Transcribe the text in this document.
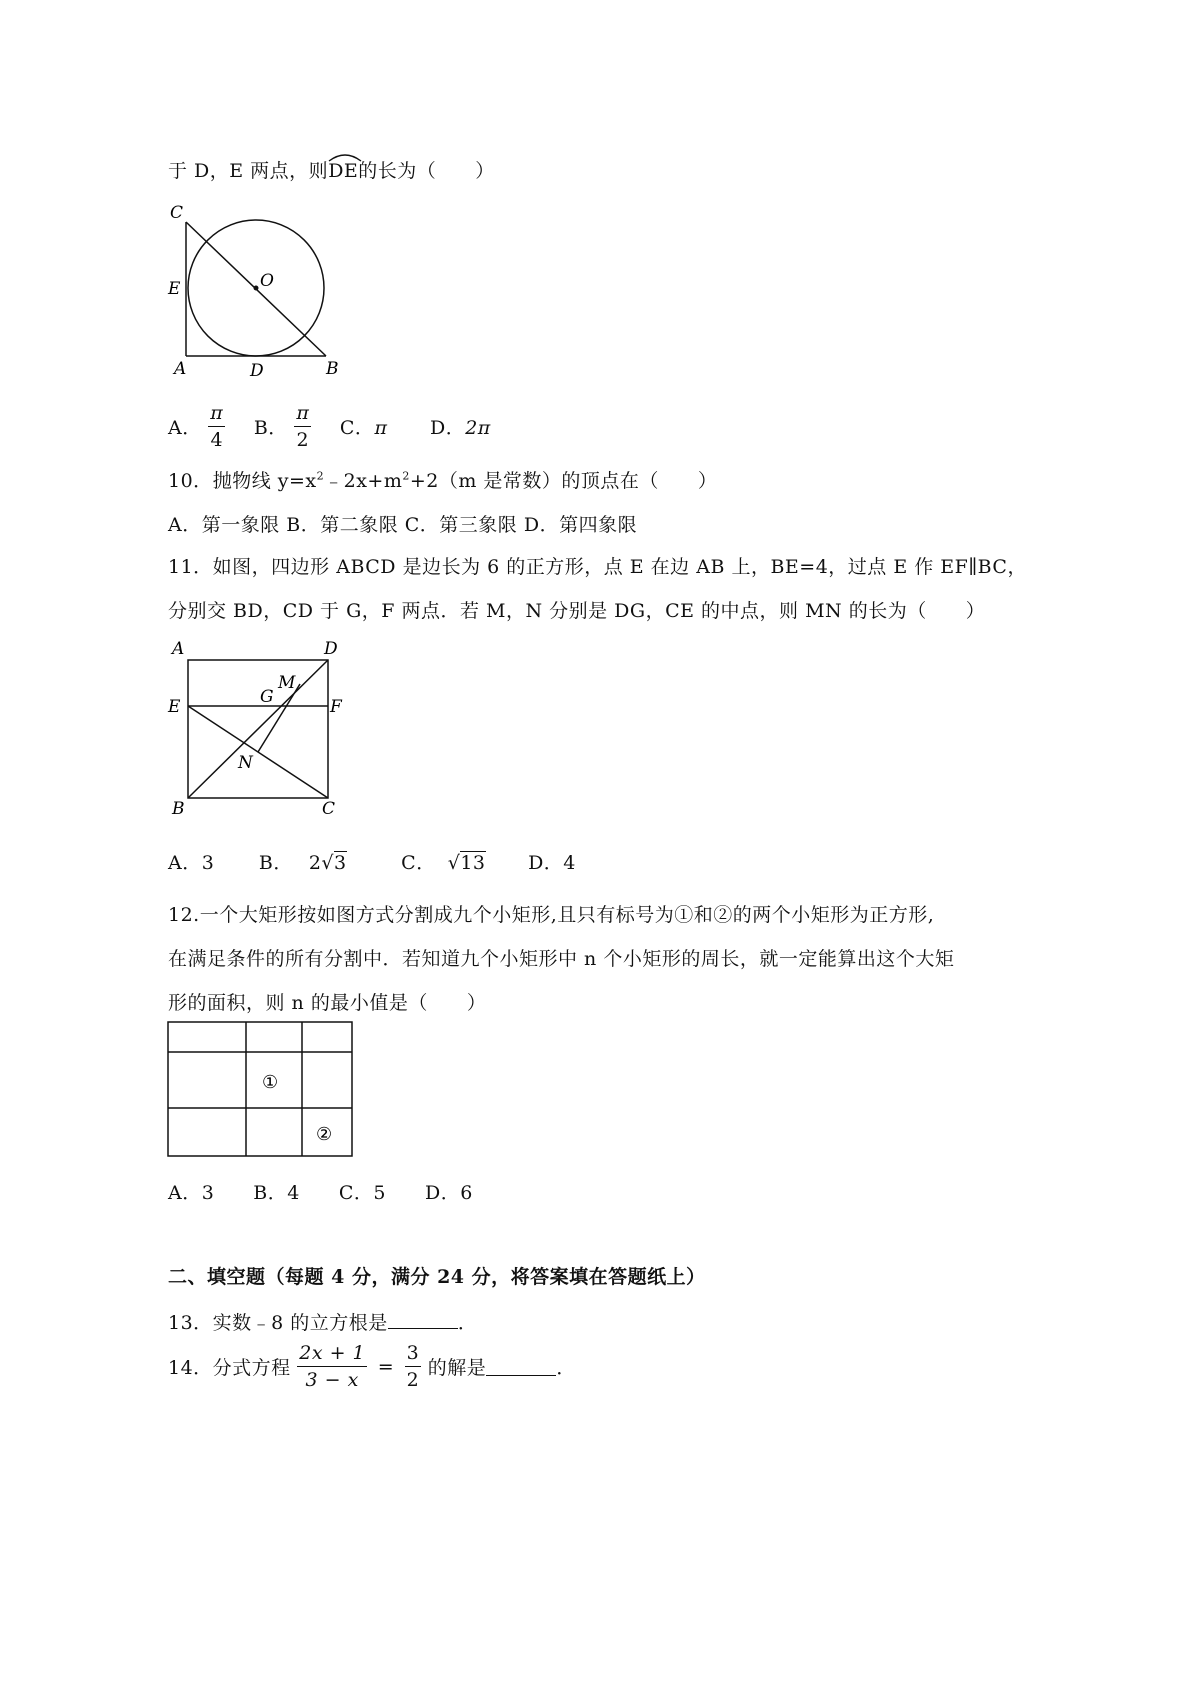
于 D，E 两点，则
DE的长为（　　）
C
E
A	D	B
O
A． $\frac{\pi}{4}$ B． $\frac{\pi}{2}$ C．π D．2π
10．抛物线 $y=x^2﹣2x+m^2+2(m$ 是常数）的顶点在（　　）
A．第一象限 B．第二象限 C．第三象限 D．第四象限
11．如图，四边形 ABCD 是边长为 6 的正方形，点 E 在边 AB 上，BE=4，过点 E 作 EF∥BC，
分别交 BD，CD 于 G，F 两点．若 M，N 分别是 DG，CE 的中点，则 MN 的长为（　　）
A	D
E	F
G
M
N
B	C
A．3 B． 2√3	C． √13 D．4
12.一个大矩形按如图方式分割成九个小矩形,且只有标号为①和②的两个小矩形为正方形,
在满足条件的所有分割中．若知道九个小矩形中 n 个小矩形的周长，就一定能算出这个大矩
形的面积，则 n 的最小值是（　　）
①
②
A．3　　B．4　　C．5　　D．6
二、填空题（每题 4 分，满分 24 分，将答案填在答题纸上）
13．实数﹣8 的立方根是	．
14．分式方程 $\frac{2x + 1}{3 - x} = \frac{3}{2}$ 的解是	．
